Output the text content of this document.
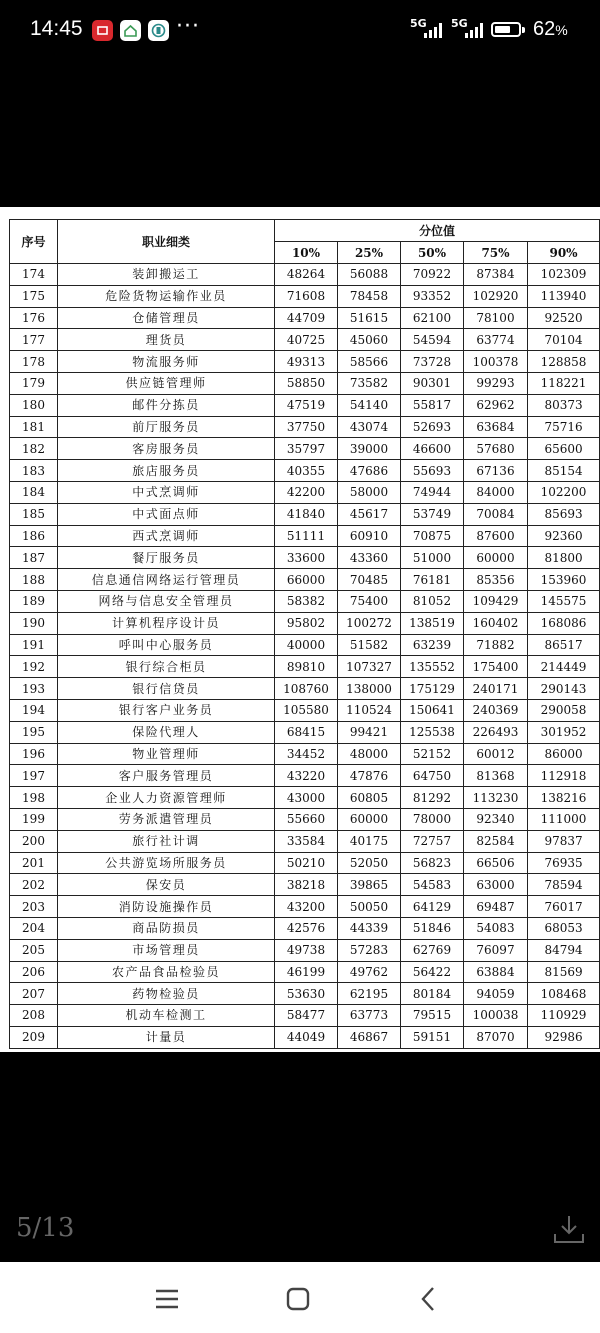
14:45	···	5G 5G	62%
序号	职业细类	分位值				
		10%	25%	50%	75%	90%
174	装卸搬运工	48264	56088	70922	87384	102309
175	危险货物运输作业员	71608	78458	93352	102920	113940
176	仓储管理员	44709	51615	62100	78100	92520
177	理货员	40725	45060	54594	63774	70104
178	物流服务师	49313	58566	73728	100378	128858
179	供应链管理师	58850	73582	90301	99293	118221
180	邮件分拣员	47519	54140	55817	62962	80373
181	前厅服务员	37750	43074	52693	63684	75716
182	客房服务员	35797	39000	46600	57680	65600
183	旅店服务员	40355	47686	55693	67136	85154
184	中式烹调师	42200	58000	74944	84000	102200
185	中式面点师	41840	45617	53749	70084	85693
186	西式烹调师	51111	60910	70875	87600	92360
187	餐厅服务员	33600	43360	51000	60000	81800
188	信息通信网络运行管理员	66000	70485	76181	85356	153960
189	网络与信息安全管理员	58382	75400	81052	109429	145575
190	计算机程序设计员	95802	100272	138519	160402	168086
191	呼叫中心服务员	40000	51582	63239	71882	86517
192	银行综合柜员	89810	107327	135552	175400	214449
193	银行信贷员	108760	138000	175129	240171	290143
194	银行客户业务员	105580	110524	150641	240369	290058
195	保险代理人	68415	99421	125538	226493	301952
196	物业管理师	34452	48000	52152	60012	86000
197	客户服务管理员	43220	47876	64750	81368	112918
198	企业人力资源管理师	43000	60805	81292	113230	138216
199	劳务派遣管理员	55660	60000	78000	92340	111000
200	旅行社计调	33584	40175	72757	82584	97837
201	公共游览场所服务员	50210	52050	56823	66506	76935
202	保安员	38218	39865	54583	63000	78594
203	消防设施操作员	43200	50050	64129	69487	76017
204	商品防损员	42576	44339	51846	54083	68053
205	市场管理员	49738	57283	62769	76097	84794
206	农产品食品检验员	46199	49762	56422	63884	81569
207	药物检验员	53630	62195	80184	94059	108468
208	机动车检测工	58477	63773	79515	100038	110929
209	计量员	44049	46867	59151	87070	92986
5/13
